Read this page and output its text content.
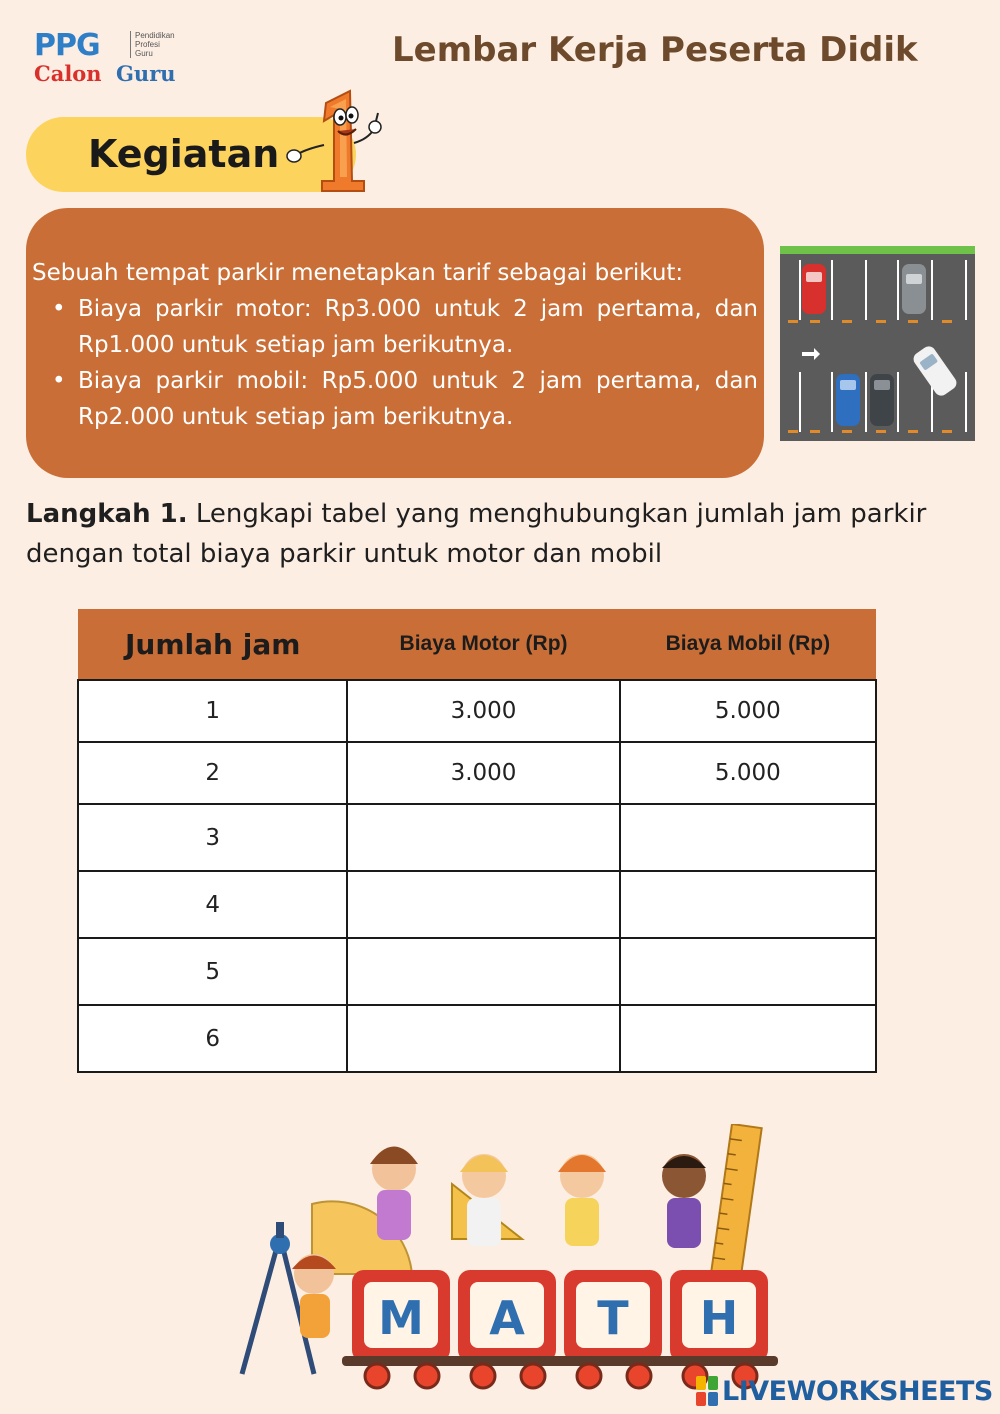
PPG	Pendidikan
Profesi
Guru
Calon Guru
Lembar Kerja Peserta Didik
Kegiatan

Sebuah tempat parkir menetapkan tarif sebagai berikut:

• Biaya parkir motor: Rp3.000 untuk 2 jam pertama, dan Rp1.000 untuk setiap jam berikutnya.
• Biaya parkir mobil: Rp5.000 untuk 2 jam pertama, dan Rp2.000 untuk setiap jam berikutnya.
Langkah 1. Lengkapi tabel yang menghubungkan jumlah jam parkir dengan total biaya parkir untuk motor dan mobil
Jumlah jam	Biaya Motor (Rp)	Biaya Mobil (Rp)
1	3.000	5.000
2	3.000	5.000
3		
4		
5		
6		
M A T H
LIVEWORKSHEETS
